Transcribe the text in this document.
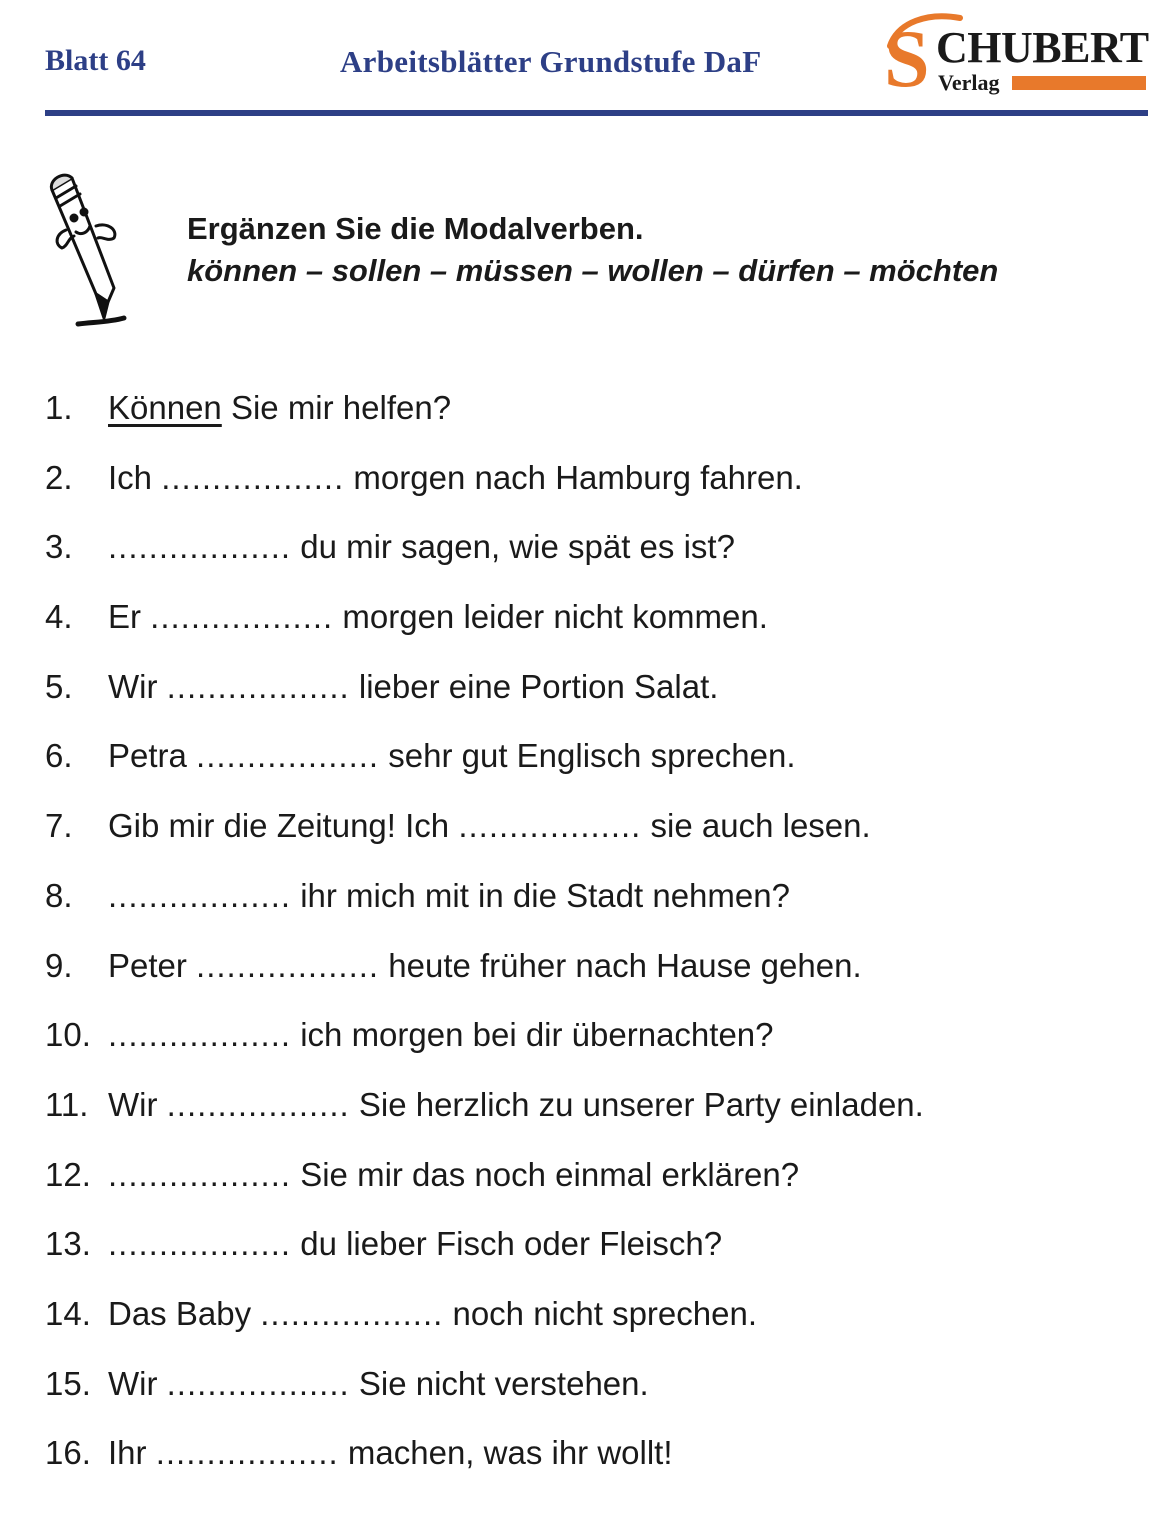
Blatt 64	Arbeitsblätter Grundstufe DaF S CHUBERT
Verlag
Ergänzen Sie die Modalverben.
können – sollen – müssen – wollen – dürfen – möchten
1. Können Sie mir helfen?
2. Ich .................. morgen nach Hamburg fahren.
3. .................. du mir sagen, wie spät es ist?
4. Er .................. morgen leider nicht kommen.
5. Wir .................. lieber eine Portion Salat.
6. Petra .................. sehr gut Englisch sprechen.
7. Gib mir die Zeitung! Ich .................. sie auch lesen.
8. .................. ihr mich mit in die Stadt nehmen?
9. Peter .................. heute früher nach Hause gehen.
10. .................. ich morgen bei dir übernachten?
11. Wir .................. Sie herzlich zu unserer Party einladen.
12. .................. Sie mir das noch einmal erklären?
13. .................. du lieber Fisch oder Fleisch?
14. Das Baby .................. noch nicht sprechen.
15. Wir .................. Sie nicht verstehen.
16. Ihr .................. machen, was ihr wollt!
